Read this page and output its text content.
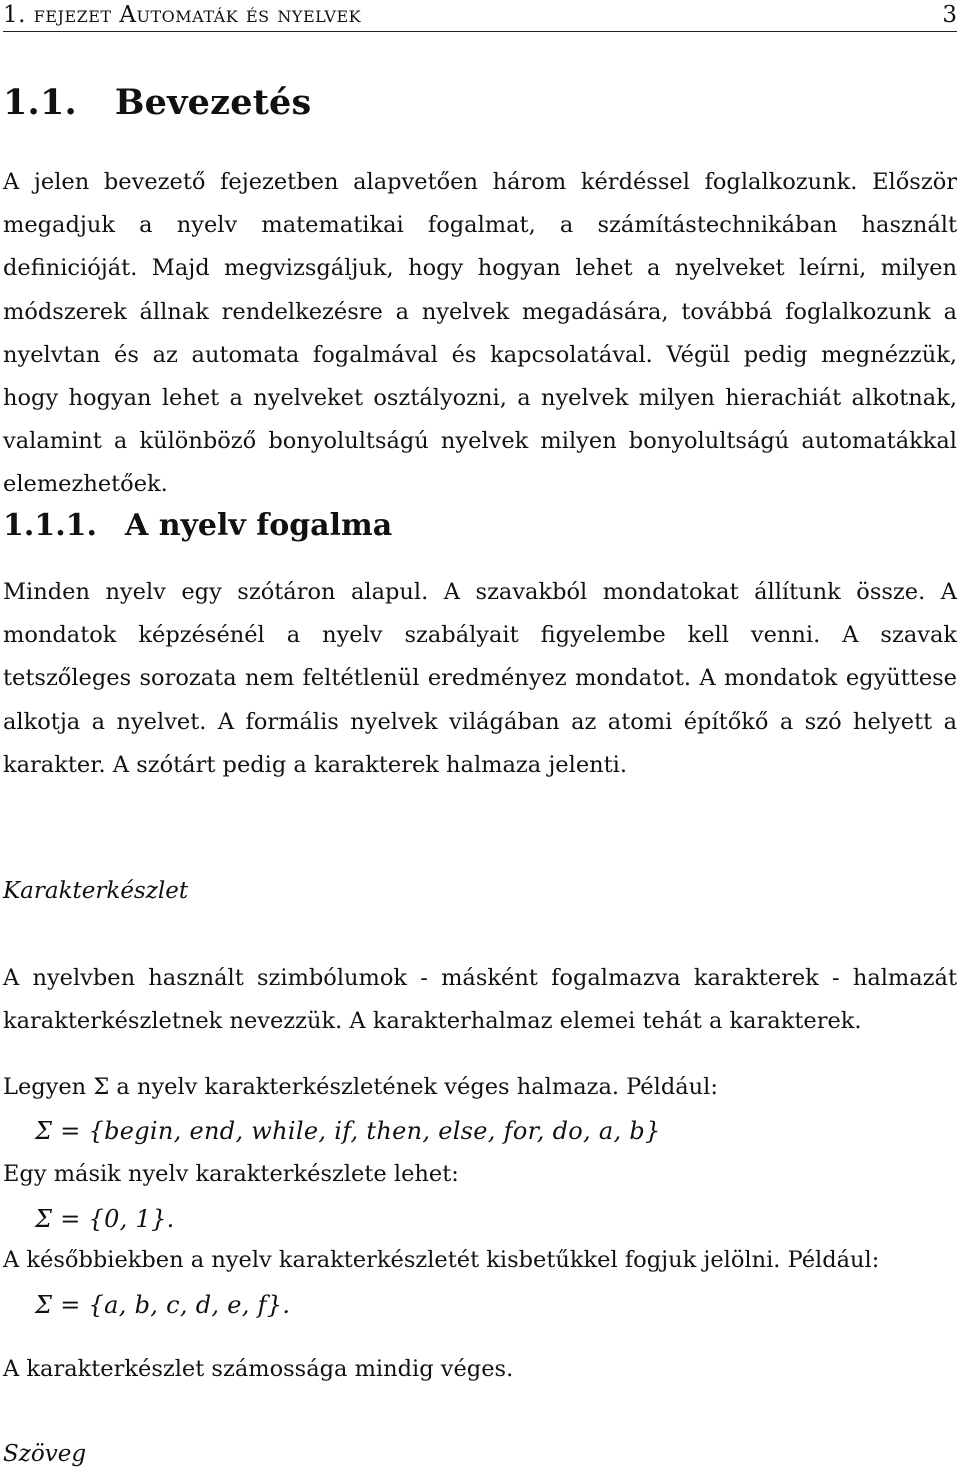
1. fejezet Automaták és nyelvek	3
1.1. Bevezetés

A jelen bevezető fejezetben alapvetően három kérdéssel foglalkozunk. Először megadjuk a nyelv matematikai fogalmat, a számítástechnikában használt definicióját. Majd megvizsgáljuk, hogy hogyan lehet a nyelveket leírni, milyen módszerek állnak rendelkezésre a nyelvek megadására, továbbá foglalkozunk a nyelvtan és az automata fogalmával és kapcsolatával. Végül pedig megnézzük, hogy hogyan lehet a nyelveket osztályozni, a nyelvek milyen hierachiát alkotnak, valamint a különböző bonyolultságú nyelvek milyen bonyolultságú automatákkal elemezhetőek.

1.1.1. A nyelv fogalma

Minden nyelv egy szótáron alapul. A szavakból mondatokat állítunk össze. A mondatok képzésénél a nyelv szabályait figyelembe kell venni. A szavak tetszőleges sorozata nem feltétlenül eredményez mondatot. A mondatok együttese alkotja a nyelvet. A formális nyelvek világában az atomi építőkő a szó helyett a karakter. A szótárt pedig a karakterek halmaza jelenti.

Karakterkészlet

A nyelvben használt szimbólumok - másként fogalmazva karakterek - halmazát karakterkészletnek nevezzük. A karakterhalmaz elemei tehát a karakterek.

Legyen Σ a nyelv karakterkészletének véges halmaza. Például:

Σ = {begin, end, while, if, then, else, for, do, a, b}

Egy másik nyelv karakterkészlete lehet:

Σ = {0, 1}.

A későbbiekben a nyelv karakterkészletét kisbetűkkel fogjuk jelölni. Például:

Σ = {a, b, c, d, e, f}.

A karakterkészlet számossága mindig véges.

Szöveg
